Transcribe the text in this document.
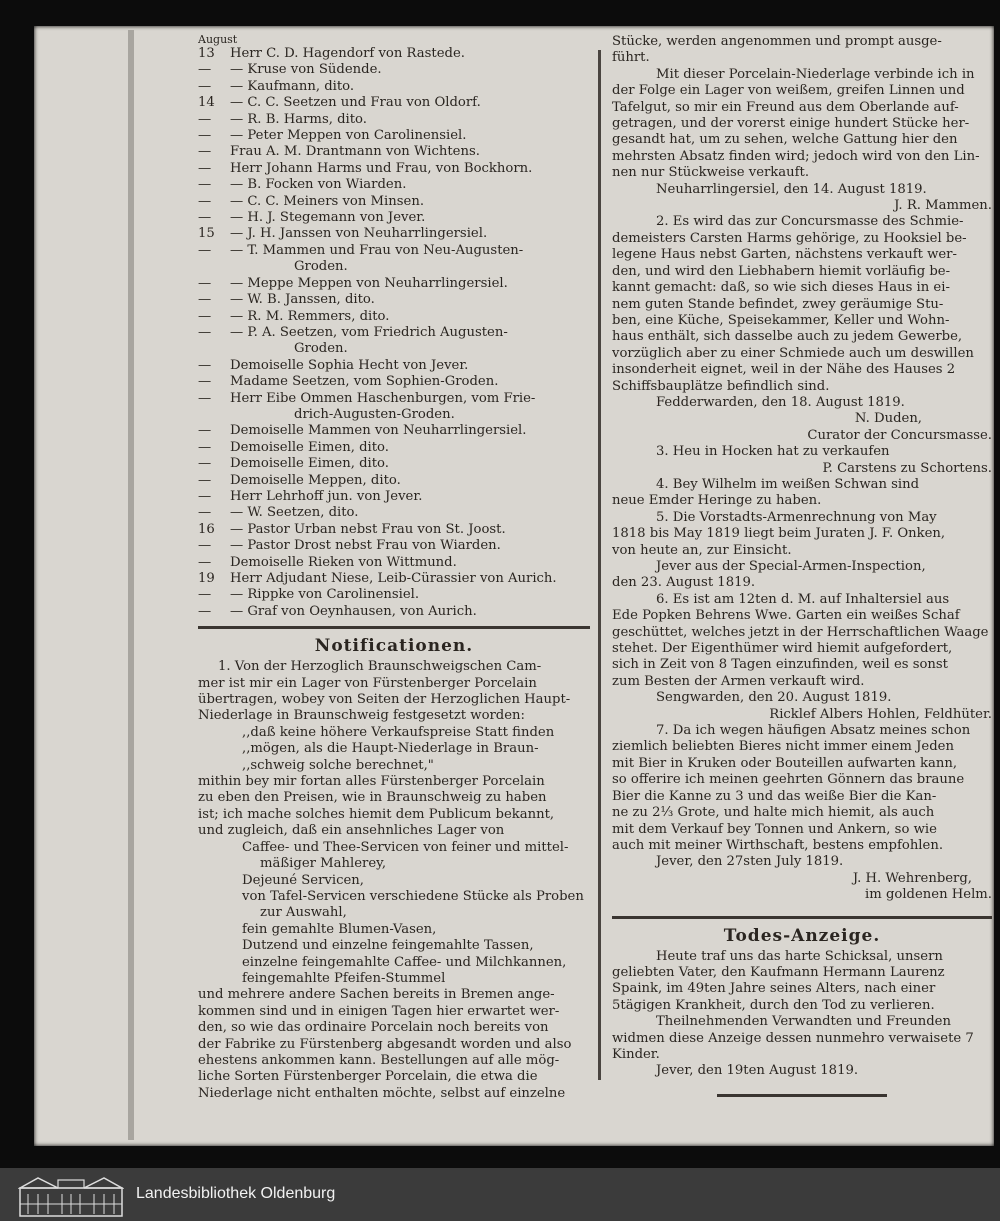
August
13	Herr C. D. Hagendorf von Rastede.
—	— Kruse von Südende.
—	— Kaufmann, dito.
14	— C. C. Seetzen und Frau von Oldorf.
—	— R. B. Harms, dito.
—	— Peter Meppen von Carolinensiel.
—	Frau A. M. Drantmann von Wichtens.
—	Herr Johann Harms und Frau, von Bockhorn.
—	— B. Focken von Wiarden.
—	— C. C. Meiners von Minsen.
—	— H. J. Stegemann von Jever.
15	— J. H. Janssen von Neuharrlingersiel.
—	— T. Mammen und Frau von Neu-Augusten-
Groden.
—	— Meppe Meppen von Neuharrlingersiel.
—	— W. B. Janssen, dito.
—	— R. M. Remmers, dito.
—	— P. A. Seetzen, vom Friedrich Augusten-
Groden.
—	Demoiselle Sophia Hecht von Jever.
—	Madame Seetzen, vom Sophien-Groden.
—	Herr Eibe Ommen Haschenburgen, vom Frie-
drich-Augusten-Groden.
—	Demoiselle Mammen von Neuharrlingersiel.
—	Demoiselle Eimen, dito.
—	Demoiselle Eimen, dito.
—	Demoiselle Meppen, dito.
—	Herr Lehrhoff jun. von Jever.
—	— W. Seetzen, dito.
16	— Pastor Urban nebst Frau von St. Joost.
—	— Pastor Drost nebst Frau von Wiarden.
—	Demoiselle Rieken von Wittmund.
19	Herr Adjudant Niese, Leib-Cürassier von Aurich.
—	— Rippke von Carolinensiel.
—	— Graf von Oeynhausen, von Aurich.
Notificationen.
1. Von der Herzoglich Braunschweigschen Cam-
mer ist mir ein Lager von Fürstenberger Porcelain
übertragen, wobey von Seiten der Herzoglichen Haupt-
Niederlage in Braunschweig festgesetzt worden:
,,daß keine höhere Verkaufspreise Statt finden
,,mögen, als die Haupt-Niederlage in Braun-
,,schweig solche berechnet,"
mithin bey mir fortan alles Fürstenberger Porcelain
zu eben den Preisen, wie in Braunschweig zu haben
ist; ich mache solches hiemit dem Publicum bekannt,
und zugleich, daß ein ansehnliches Lager von
Caffee- und Thee-Servicen von feiner und mittel-
mäßiger Mahlerey,
Dejeuné Servicen,
von Tafel-Servicen verschiedene Stücke als Proben
zur Auswahl,
fein gemahlte Blumen-Vasen,
Dutzend und einzelne feingemahlte Tassen,
einzelne feingemahlte Caffee- und Milchkannen,
feingemahlte Pfeifen-Stummel
und mehrere andere Sachen bereits in Bremen ange-
kommen sind und in einigen Tagen hier erwartet wer-
den, so wie das ordinaire Porcelain noch bereits von
der Fabrike zu Fürstenberg abgesandt worden und also
ehestens ankommen kann. Bestellungen auf alle mög-
liche Sorten Fürstenberger Porcelain, die etwa die
Niederlage nicht enthalten möchte, selbst auf einzelne
Stücke, werden angenommen und prompt ausge-
führt.
Mit dieser Porcelain-Niederlage verbinde ich in
der Folge ein Lager von weißem, greifen Linnen und
Tafelgut, so mir ein Freund aus dem Oberlande auf-
getragen, und der vorerst einige hundert Stücke her-
gesandt hat, um zu sehen, welche Gattung hier den
mehrsten Absatz finden wird; jedoch wird von den Lin-
nen nur Stückweise verkauft.
Neuharrlingersiel, den 14. August 1819.
J. R. Mammen.
2. Es wird das zur Concursmasse des Schmie-
demeisters Carsten Harms gehörige, zu Hooksiel be-
legene Haus nebst Garten, nächstens verkauft wer-
den, und wird den Liebhabern hiemit vorläufig be-
kannt gemacht: daß, so wie sich dieses Haus in ei-
nem guten Stande befindet, zwey geräumige Stu-
ben, eine Küche, Speisekammer, Keller und Wohn-
haus enthält, sich dasselbe auch zu jedem Gewerbe,
vorzüglich aber zu einer Schmiede auch um deswillen
insonderheit eignet, weil in der Nähe des Hauses 2
Schiffsbauplätze befindlich sind.
Fedderwarden, den 18. August 1819.
N. Duden,
Curator der Concursmasse.
3. Heu in Hocken hat zu verkaufen
P. Carstens zu Schortens.
4. Bey Wilhelm im weißen Schwan sind
neue Emder Heringe zu haben.
5. Die Vorstadts-Armenrechnung von May
1818 bis May 1819 liegt beim Juraten J. F. Onken,
von heute an, zur Einsicht.
Jever aus der Special-Armen-Inspection,
den 23. August 1819.
6. Es ist am 12ten d. M. auf Inhaltersiel aus
Ede Popken Behrens Wwe. Garten ein weißes Schaf
geschüttet, welches jetzt in der Herrschaftlichen Waage
stehet. Der Eigenthümer wird hiemit aufgefordert,
sich in Zeit von 8 Tagen einzufinden, weil es sonst
zum Besten der Armen verkauft wird.
Sengwarden, den 20. August 1819.
Ricklef Albers Hohlen, Feldhüter.
7. Da ich wegen häufigen Absatz meines schon
ziemlich beliebten Bieres nicht immer einem Jeden
mit Bier in Kruken oder Bouteillen aufwarten kann,
so offerire ich meinen geehrten Gönnern das braune
Bier die Kanne zu 3 und das weiße Bier die Kan-
ne zu 2⅓ Grote, und halte mich hiemit, als auch
mit dem Verkauf bey Tonnen und Ankern, so wie
auch mit meiner Wirthschaft, bestens empfohlen.
Jever, den 27sten July 1819.
J. H. Wehrenberg,
im goldenen Helm.
Todes-Anzeige.
Heute traf uns das harte Schicksal, unsern
geliebten Vater, den Kaufmann Hermann Laurenz
Spaink, im 49ten Jahre seines Alters, nach einer
5tägigen Krankheit, durch den Tod zu verlieren.
Theilnehmenden Verwandten und Freunden
widmen diese Anzeige dessen nunmehro verwaisete 7
Kinder.
Jever, den 19ten August 1819.
Landesbibliothek Oldenburg
